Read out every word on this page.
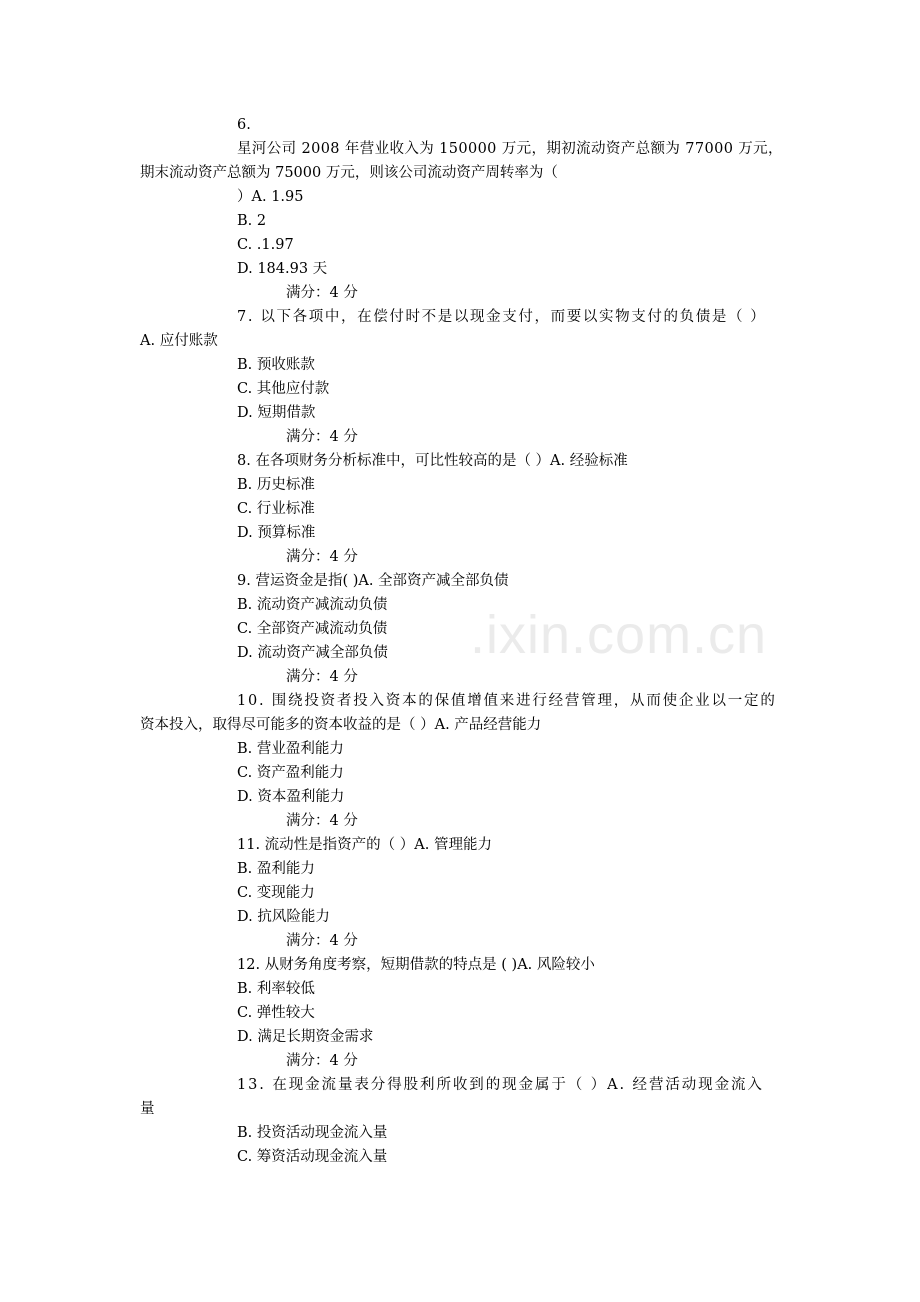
.ixin.com.cn
6.
星河公司 2008 年营业收入为 150000 万元，期初流动资产总额为 77000 万元，
期末流动资产总额为 75000 万元，则该公司流动资产周转率为（
）A. 1.95
B. 2
C. .1.97
D. 184.93 天
满分：4 分
7. 以下各项中，在偿付时不是以现金支付，而要以实物支付的负债是（ ）
A. 应付账款
B. 预收账款
C. 其他应付款
D. 短期借款
满分：4 分
8. 在各项财务分析标准中，可比性较高的是（ ）A. 经验标准
B. 历史标准
C. 行业标准
D. 预算标准
满分：4 分
9. 营运资金是指( )A. 全部资产减全部负债
B. 流动资产减流动负债
C. 全部资产减流动负债
D. 流动资产减全部负债
满分：4 分
10. 围绕投资者投入资本的保值增值来进行经营管理，从而使企业以一定的
资本投入，取得尽可能多的资本收益的是（ ）A. 产品经营能力
B. 营业盈利能力
C. 资产盈利能力
D. 资本盈利能力
满分：4 分
11. 流动性是指资产的（ ）A. 管理能力
B. 盈利能力
C. 变现能力
D. 抗风险能力
满分：4 分
12. 从财务角度考察，短期借款的特点是 ( )A. 风险较小
B. 利率较低
C. 弹性较大
D. 满足长期资金需求
满分：4 分
13. 在现金流量表分得股利所收到的现金属于（ ）A. 经营活动现金流入
量
B. 投资活动现金流入量
C. 筹资活动现金流入量
